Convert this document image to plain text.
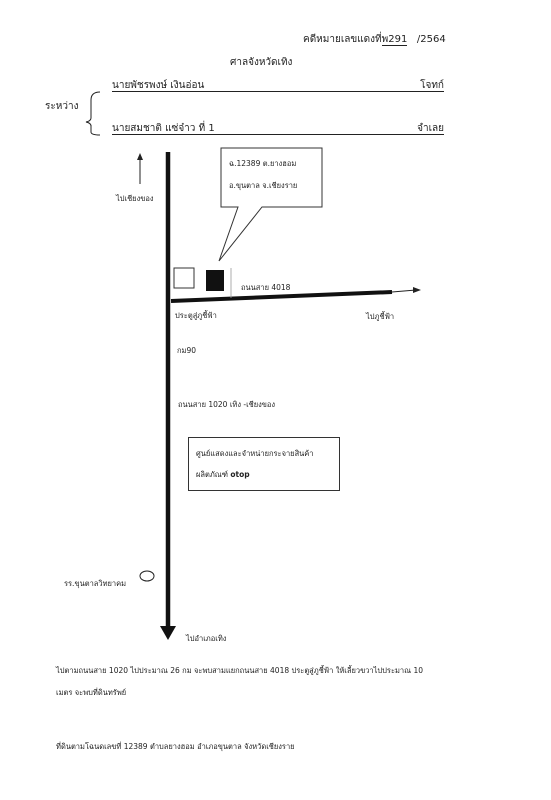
คดีหมายเลขแดงที่พ291 /2564
ศาลจังหวัดเทิง
ระหว่าง
นายพัชรพงษ์ เงินอ่อน	โจทก์
นายสมชาติ แซ่จ๋าว ที่ 1	จำเลย
ฉ.12389 ต.ยางฮอม
อ.ขุนตาล จ.เชียงราย
ไปเชียงของ
ถนนสาย 4018
ประตูสู่ภูชี้ฟ้า	ไปภูชี้ฟ้า
กม90
ถนนสาย 1020 เทิง -เชียงของ
ศูนย์แสดงและจำหน่ายกระจายสินค้า
ผลิตภัณฑ์ otop
รร.ขุนตาลวิทยาคม
ไปอำเภอเทิง
ไปตามถนนสาย 1020 ไปประมาณ 26 กม จะพบสามแยกถนนสาย 4018 ประตูสู่ภูชี้ฟ้า ให้เลี้ยวขวาไปประมาณ 10
เมตร จะพบที่ดินทรัพย์
ที่ดินตามโฉนดเลขที่ 12389 ตำบลยางฮอม อำเภอขุนตาล จังหวัดเชียงราย
